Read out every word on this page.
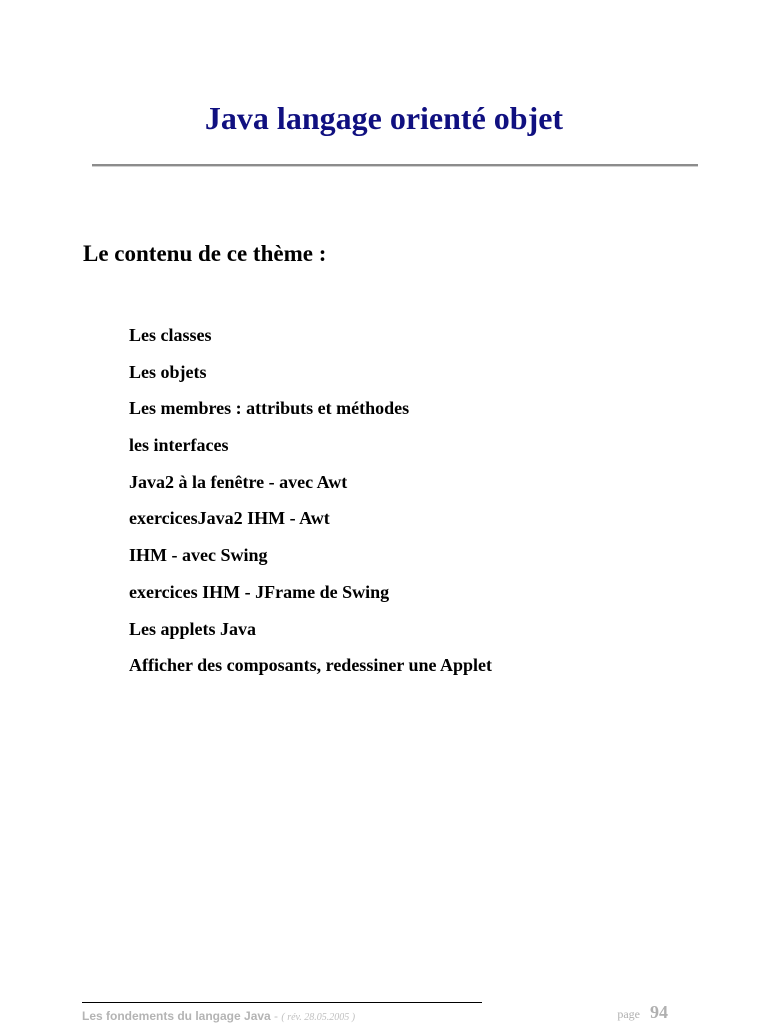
Java langage orienté objet
Le contenu de ce thème :
Les classes
Les objets
Les membres : attributs et méthodes
les interfaces
Java2 à la fenêtre - avec Awt
exercicesJava2 IHM - Awt
IHM - avec Swing
exercices IHM - JFrame de Swing
Les applets Java
Afficher des composants, redessiner une Applet
Les fondements du langage Java - ( rév. 28.05.2005 )	page 94
